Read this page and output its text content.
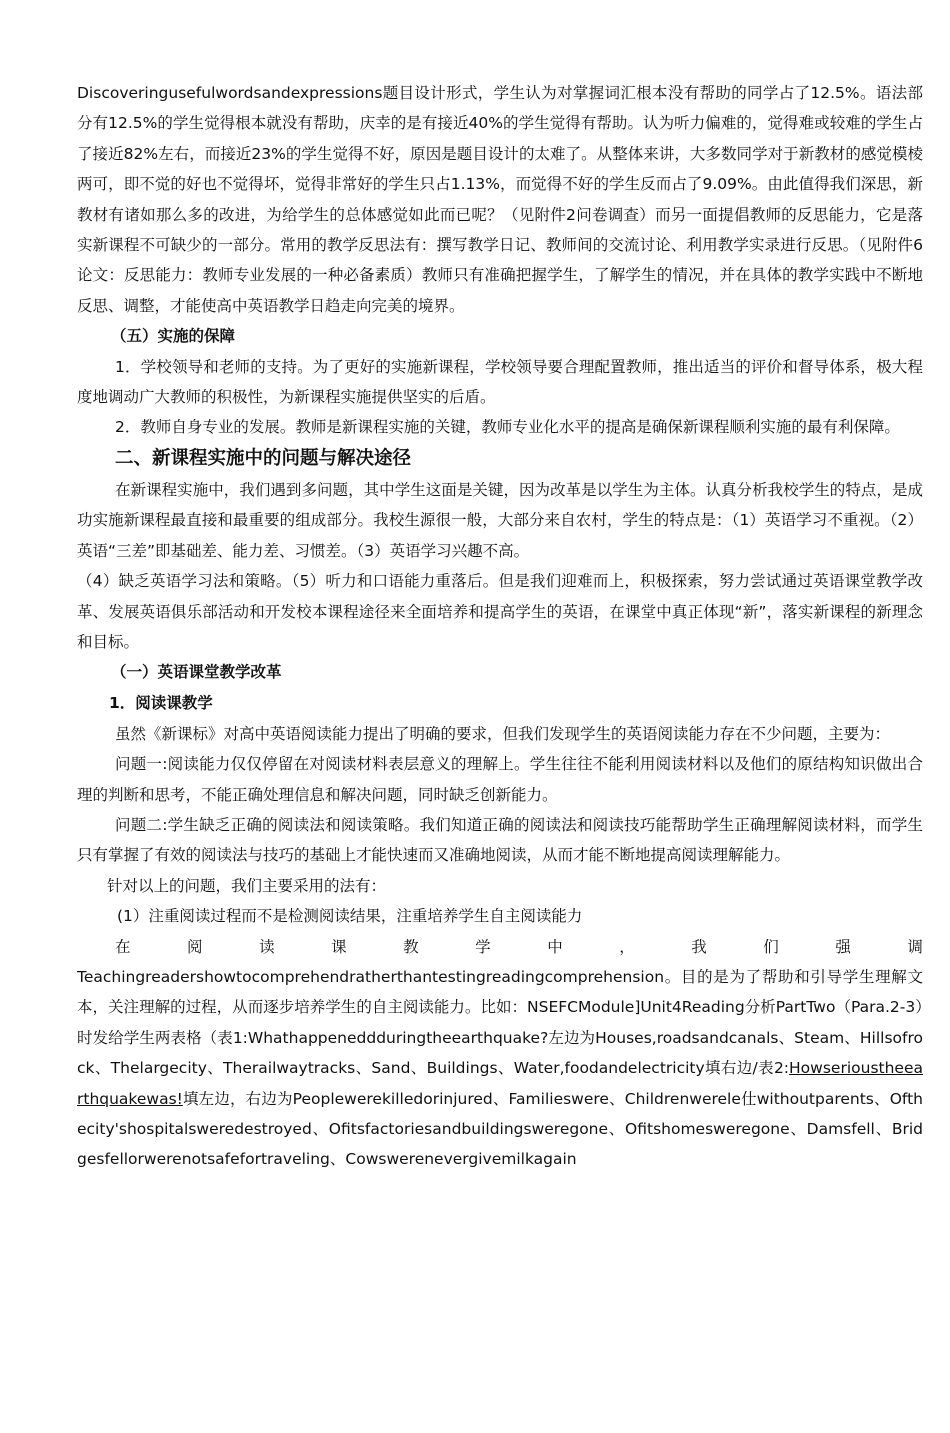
Discoveringusefulwordsandexpressions题目设计形式，学生认为对掌握词汇根本没有帮助的同学占了12.5%。语法部分有12.5%的学生觉得根本就没有帮助，庆幸的是有接近40%的学生觉得有帮助。认为听力偏难的，觉得难或较难的学生占了接近82%左右，而接近23%的学生觉得不好，原因是题目设计的太难了。从整体来讲，大多数同学对于新教材的感觉模棱两可，即不觉的好也不觉得坏，觉得非常好的学生只占1.13%，而觉得不好的学生反而占了9.09%。由此值得我们深思，新教材有诸如那么多的改进，为给学生的总体感觉如此而已呢？（见附件2问卷调查）而另一面提倡教师的反思能力，它是落实新课程不可缺少的一部分。常用的教学反思法有：撰写教学日记、教师间的交流讨论、利用教学实录进行反思。（见附件6论文：反思能力：教师专业发展的一种必备素质）教师只有准确把握学生，了解学生的情况，并在具体的教学实践中不断地反思、调整，才能使高中英语教学日趋走向完美的境界。

（五）实施的保障

1．学校领导和老师的支持。为了更好的实施新课程，学校领导要合理配置教师，推出适当的评价和督导体系，极大程度地调动广大教师的积极性，为新课程实施提供坚实的后盾。

2．教师自身专业的发展。教师是新课程实施的关键，教师专业化水平的提高是确保新课程顺利实施的最有利保障。

二、新课程实施中的问题与解决途径

在新课程实施中，我们遇到多问题，其中学生这面是关键，因为改革是以学生为主体。认真分析我校学生的特点，是成功实施新课程最直接和最重要的组成部分。我校生源很一般，大部分来自农村，学生的特点是：（1）英语学习不重视。（2）英语“三差”即基础差、能力差、习惯差。（3）英语学习兴趣不高。

（4）缺乏英语学习法和策略。（5）听力和口语能力重落后。但是我们迎难而上，积极探索，努力尝试通过英语课堂教学改革、发展英语俱乐部活动和开发校本课程途径来全面培养和提高学生的英语，在课堂中真正体现“新”，落实新课程的新理念和目标。

（一）英语课堂教学改革

1．阅读课教学

虽然《新课标》对高中英语阅读能力提出了明确的要求，但我们发现学生的英语阅读能力存在不少问题，主要为：

问题一:阅读能力仅仅停留在对阅读材料表层意义的理解上。学生往往不能利用阅读材料以及他们的原结构知识做出合理的判断和思考，不能正确处理信息和解决问题，同时缺乏创新能力。

问题二:学生缺乏正确的阅读法和阅读策略。我们知道正确的阅读法和阅读技巧能帮助学生正确理解阅读材料，而学生只有掌握了有效的阅读法与技巧的基础上才能快速而又准确地阅读，从而才能不断地提高阅读理解能力。

针对以上的问题，我们主要采用的法有：

(1）注重阅读过程而不是检测阅读结果，注重培养学生自主阅读能力

在	阅	读	课	教	学	中	，	我	们	强	调

Teachingreadershowtocomprehendratherthantestingreadingcomprehension。目的是为了帮助和引导学生理解文本，关注理解的过程，从而逐步培养学生的自主阅读能力。比如：NSEFCModule]Unit4Reading分析PartTwo（Para.2-3）时发给学生两表格（表1:Whathappeneddduringtheearthquake?左边为Houses,roadsandcanals、Steam、Hillsofrock、Thelargecity、Therailwaytracks、Sand、Buildings、Water,foodandelectricity填右边/表2:Howserioustheearthquakewas!填左边，右边为Peoplewerekilledorinjured、Familieswere、Childrenwerele仕withoutparents、Ofthecity'shospitalsweredestroyed、Ofitsfactoriesandbuildingsweregone、Ofitshomesweregone、Damsfell、Bridgesfellorwerenotsafefortraveling、Cowswerenevergivemilkagain
